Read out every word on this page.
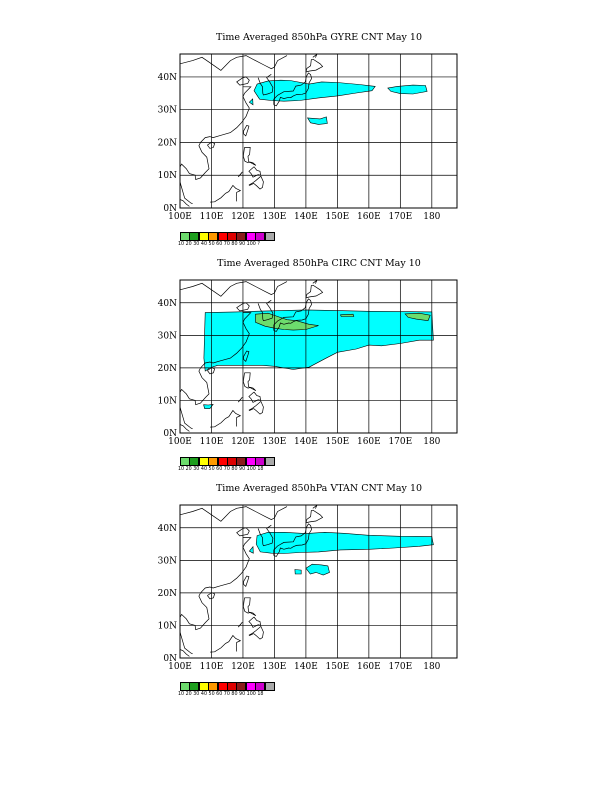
Time Averaged 850hPa GYRE CNT May 10
100E 110E 120E 130E 140E 150E 160E 170E 180
0N
10N
20N
30N
40N
10 20 30 40 50 60 70 80 90 100 ?
Time Averaged 850hPa CIRC CNT May 10
100E 110E 120E 130E 140E 150E 160E 170E 180
0N
10N
20N
30N
40N
10 20 30 40 50 60 70 80 90 100 18
Time Averaged 850hPa VTAN CNT May 10
100E 110E 120E 130E 140E 150E 160E 170E 180
0N
10N
20N
30N
40N
10 20 30 40 50 60 70 80 90 100 18
